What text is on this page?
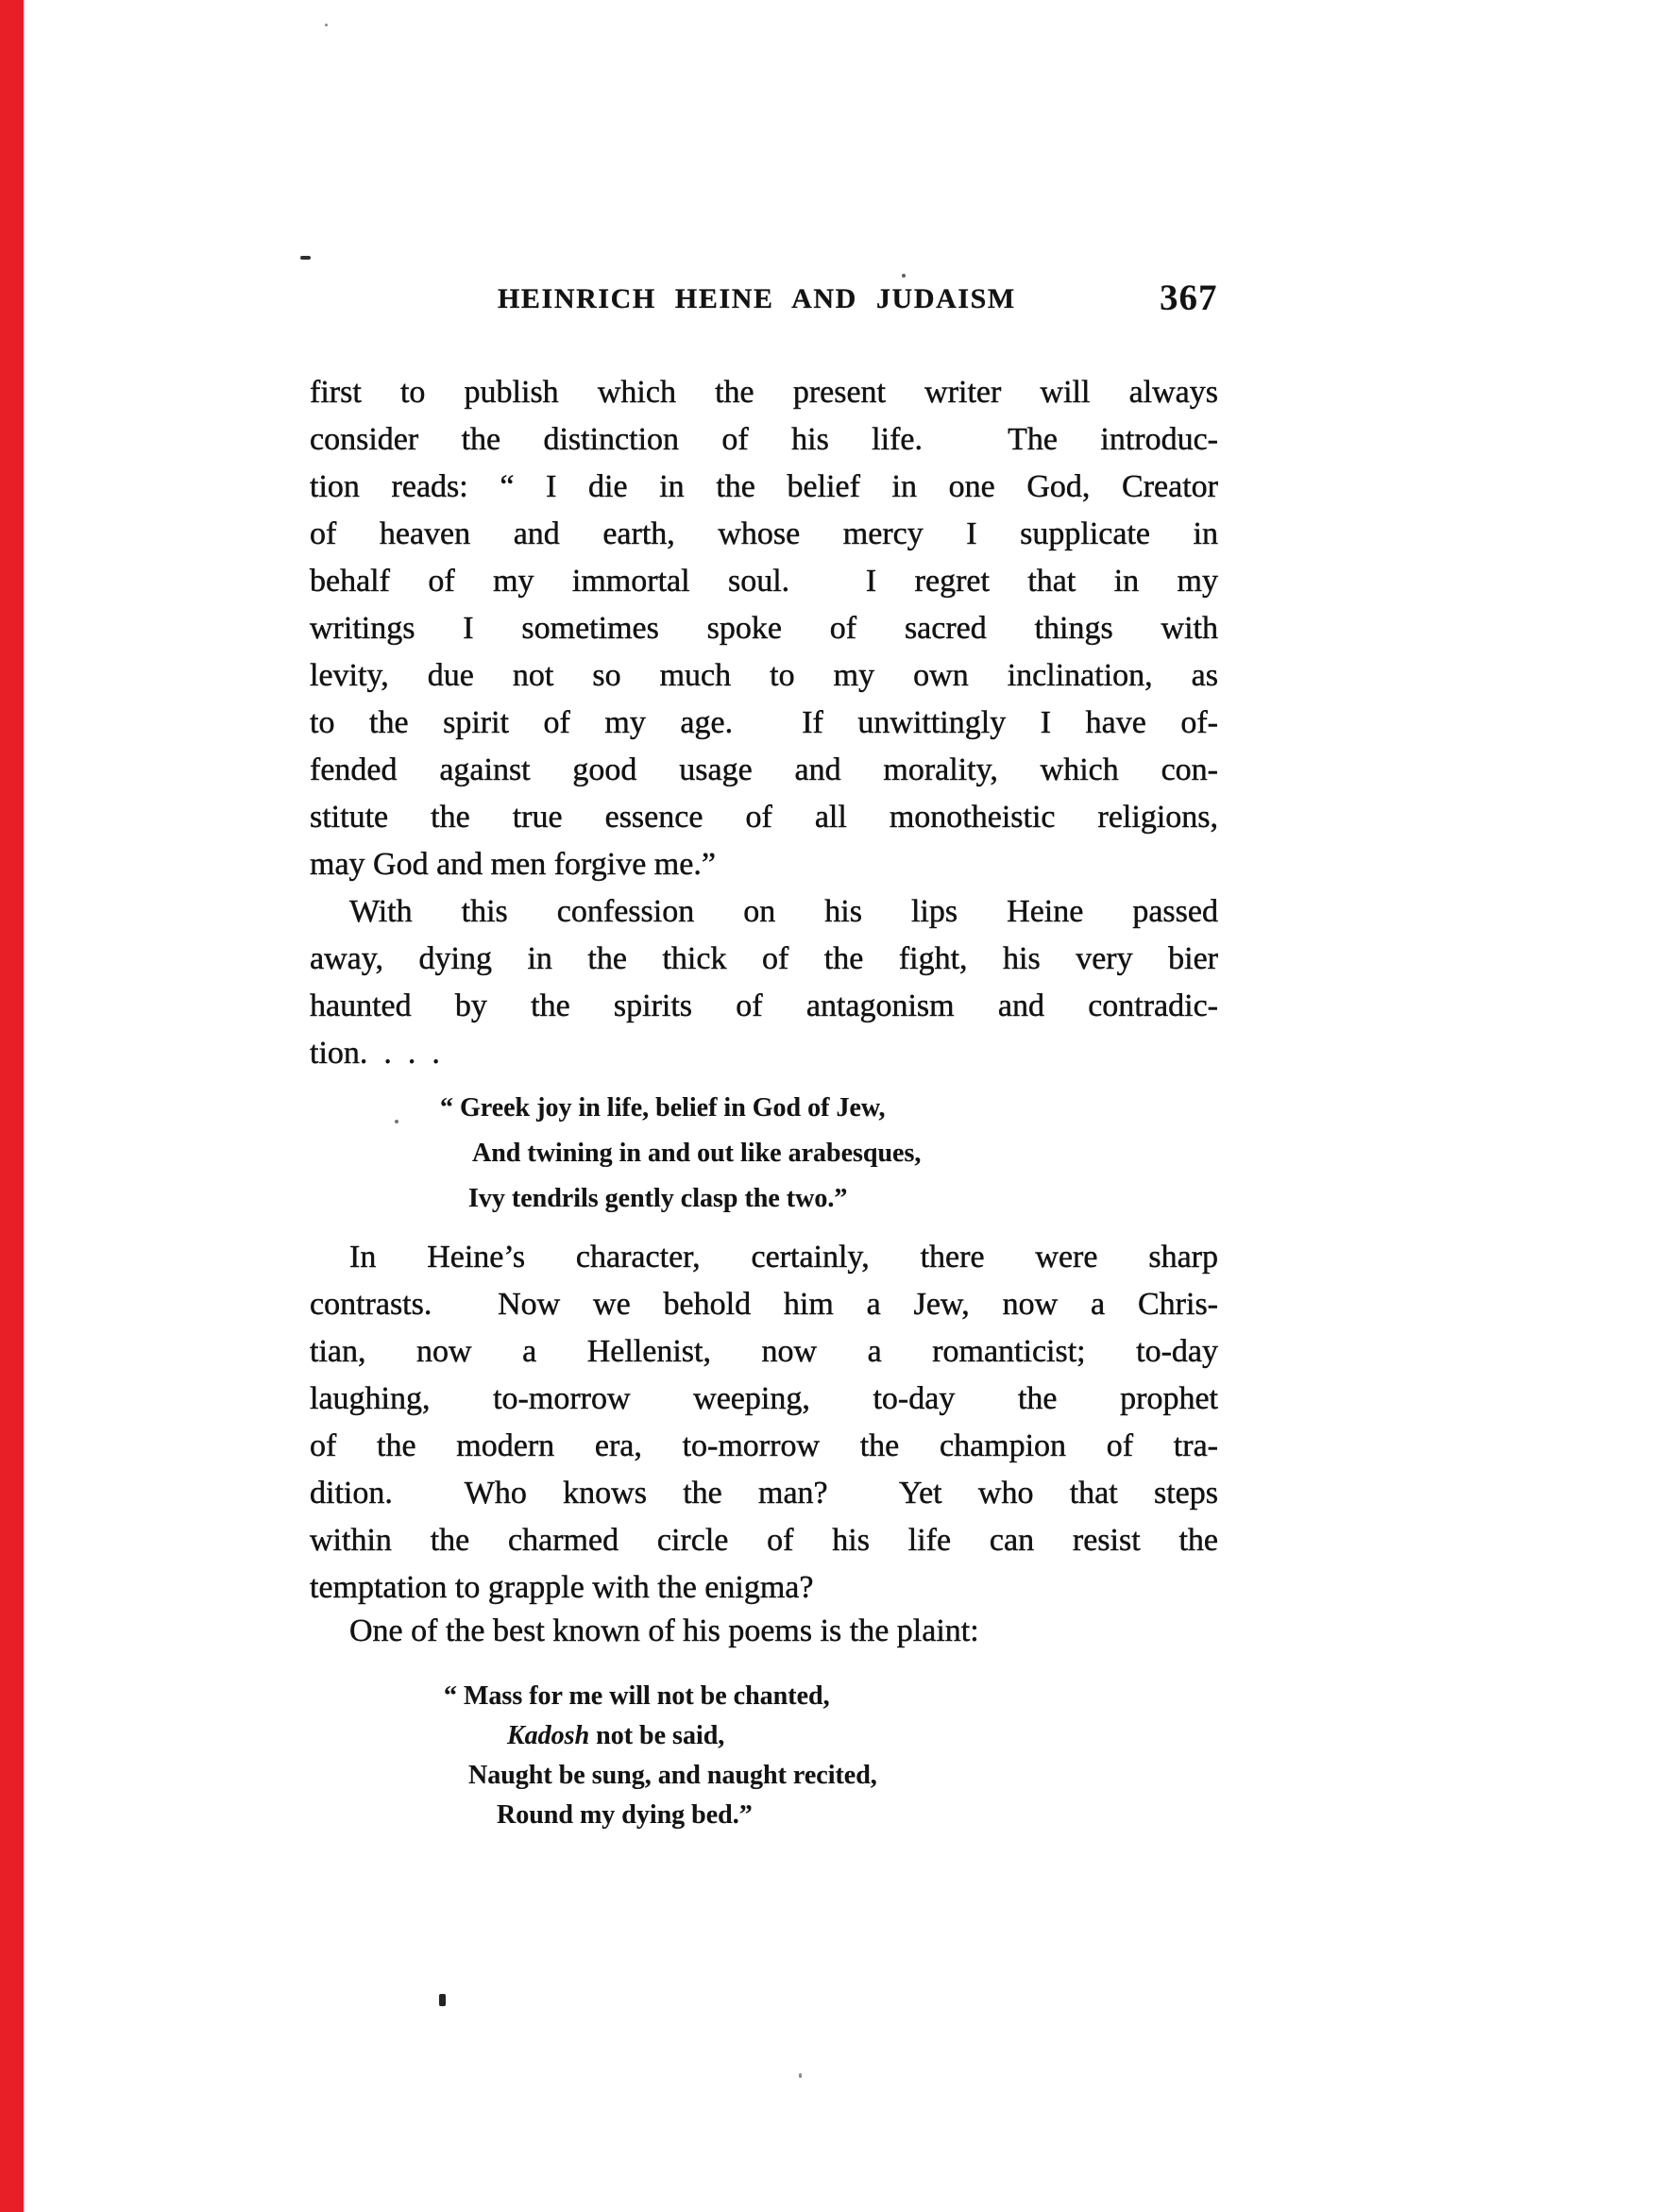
HEINRICH HEINE AND JUDAISM	367
first to publish which the present writer will always
consider the distinction of his life.  The introduc-
tion reads: “ I die in the belief in one God, Creator
of heaven and earth, whose mercy I supplicate in
behalf of my immortal soul.  I regret that in my
writings I sometimes spoke of sacred things with
levity, due not so much to my own inclination, as
to the spirit of my age.  If unwittingly I have of-
fended against good usage and morality, which con-
stitute the true essence of all monotheistic religions,
may God and men forgive me.”
With this confession on his lips Heine passed
away, dying in the thick of the fight, his very bier
haunted by the spirits of antagonism and contradic-
tion. . . .
“ Greek joy in life, belief in God of Jew,
And twining in and out like arabesques,
Ivy tendrils gently clasp the two.”
In Heine’s character, certainly, there were sharp
contrasts.  Now we behold him a Jew, now a Chris-
tian, now a Hellenist, now a romanticist; to-day
laughing, to-morrow weeping, to-day the prophet
of the modern era, to-morrow the champion of tra-
dition.  Who knows the man?  Yet who that steps
within the charmed circle of his life can resist the
temptation to grapple with the enigma?
One of the best known of his poems is the plaint:
“ Mass for me will not be chanted,
Kadosh not be said,
Naught be sung, and naught recited,
Round my dying bed.”
